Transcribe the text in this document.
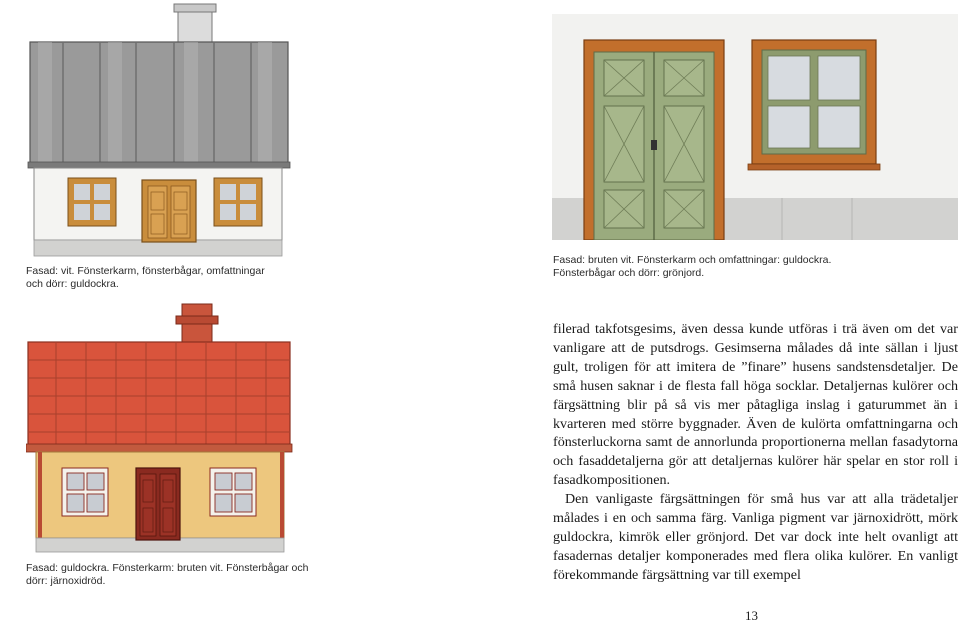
Fasad: vit. Fönsterkarm, fönsterbågar, omfattningar
och dörr: guldockra.
Fasad: bruten vit. Fönsterkarm och omfattningar: guldockra.
Fönsterbågar och dörr: grönjord.
Fasad: guldockra. Fönsterkarm: bruten vit. Fönsterbågar och
dörr: järnoxidröd.

filerad takfotsgesims, även dessa kunde utföras i trä även om det var vanligare att de putsdrogs. Gesimserna målades då inte sällan i ljust gult, troligen för att imitera de ”finare” husens sandstensdetaljer. De små husen saknar i de flesta fall höga socklar. Detaljernas kulörer och färgsättning blir på så vis mer påtagliga inslag i gaturummet än i kvarteren med större byggnader. Även de kulörta omfattningarna och fönsterluckorna samt de annorlunda proportionerna mellan fasadytorna och fasaddetaljerna gör att detaljernas kulörer här spelar en stor roll i fasadkompositionen.

Den vanligaste färgsättningen för små hus var att alla trädetaljer målades i en och samma färg. Vanliga pigment var järnoxidrött, mörk guldockra, kimrök eller grönjord. Det var dock inte helt ovanligt att fasadernas detaljer komponerades med flera olika kulörer. En vanligt förekommande färgsättning var till exempel

13
